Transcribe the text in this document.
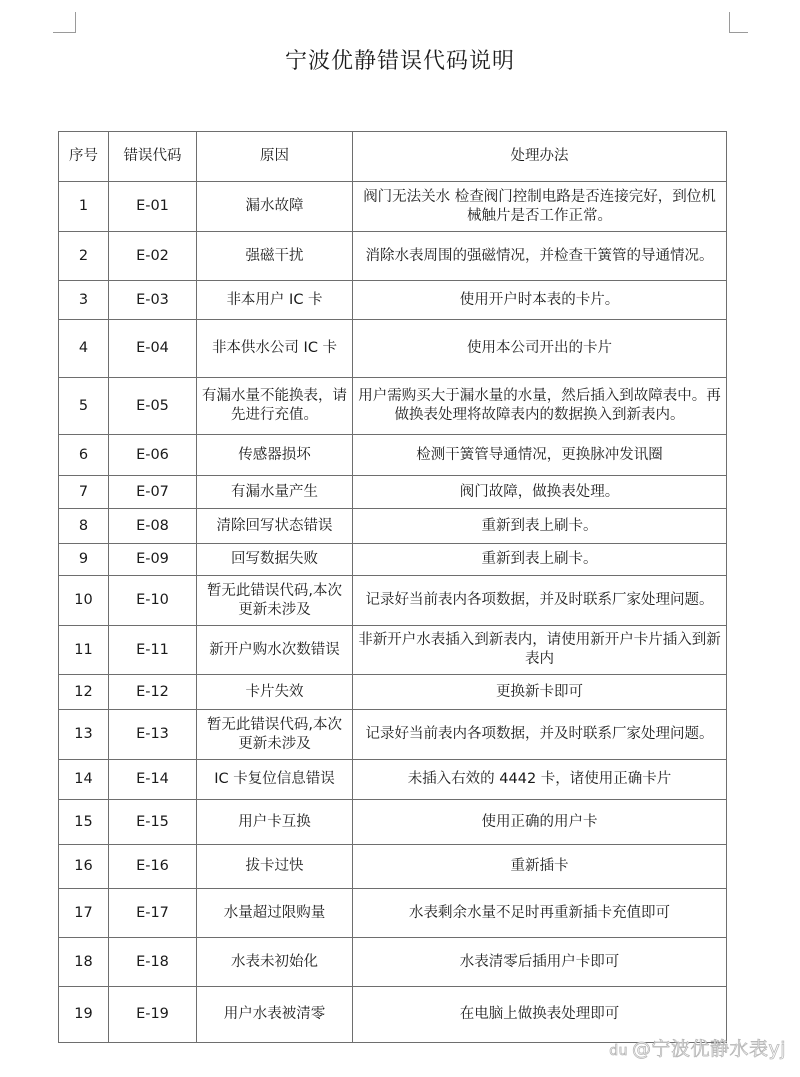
宁波优静错误代码说明
序号	错误代码	原因	处理办法
1	E-01	漏水故障	阀门无法关水 检查阀门控制电路是否连接完好，到位机械触片是否工作正常。
2	E-02	强磁干扰	消除水表周围的强磁情况，并检查干簧管的导通情况。
3	E-03	非本用户 IC 卡	使用开户时本表的卡片。
4	E-04	非本供水公司 IC 卡	使用本公司开出的卡片
5	E-05	有漏水量不能换表，请先进行充值。	用户需购买大于漏水量的水量，然后插入到故障表中。再做换表处理将故障表内的数据换入到新表内。
6	E-06	传感器损坏	检测干簧管导通情况，更换脉冲发讯圈
7	E-07	有漏水量产生	阀门故障，做换表处理。
8	E-08	清除回写状态错误	重新到表上刷卡。
9	E-09	回写数据失败	重新到表上刷卡。
10	E-10	暂无此错误代码,本次更新未涉及	记录好当前表内各项数据，并及时联系厂家处理问题。
11	E-11	新开户购水次数错误	非新开户水表插入到新表内，请使用新开户卡片插入到新表内
12	E-12	卡片失效	更换新卡即可
13	E-13	暂无此错误代码,本次更新未涉及	记录好当前表内各项数据，并及时联系厂家处理问题。
14	E-14	IC 卡复位信息错误	未插入右效的 4442 卡，诸使用正确卡片
15	E-15	用户卡互换	使用正确的用户卡
16	E-16	拔卡过快	重新插卡
17	E-17	水量超过限购量	水表剩余水量不足时再重新插卡充值即可
18	E-18	水表未初始化	水表清零后插用户卡即可
19	E-19	用户水表被清零	在电脑上做换表处理即可
du @宁波优静水表yj
